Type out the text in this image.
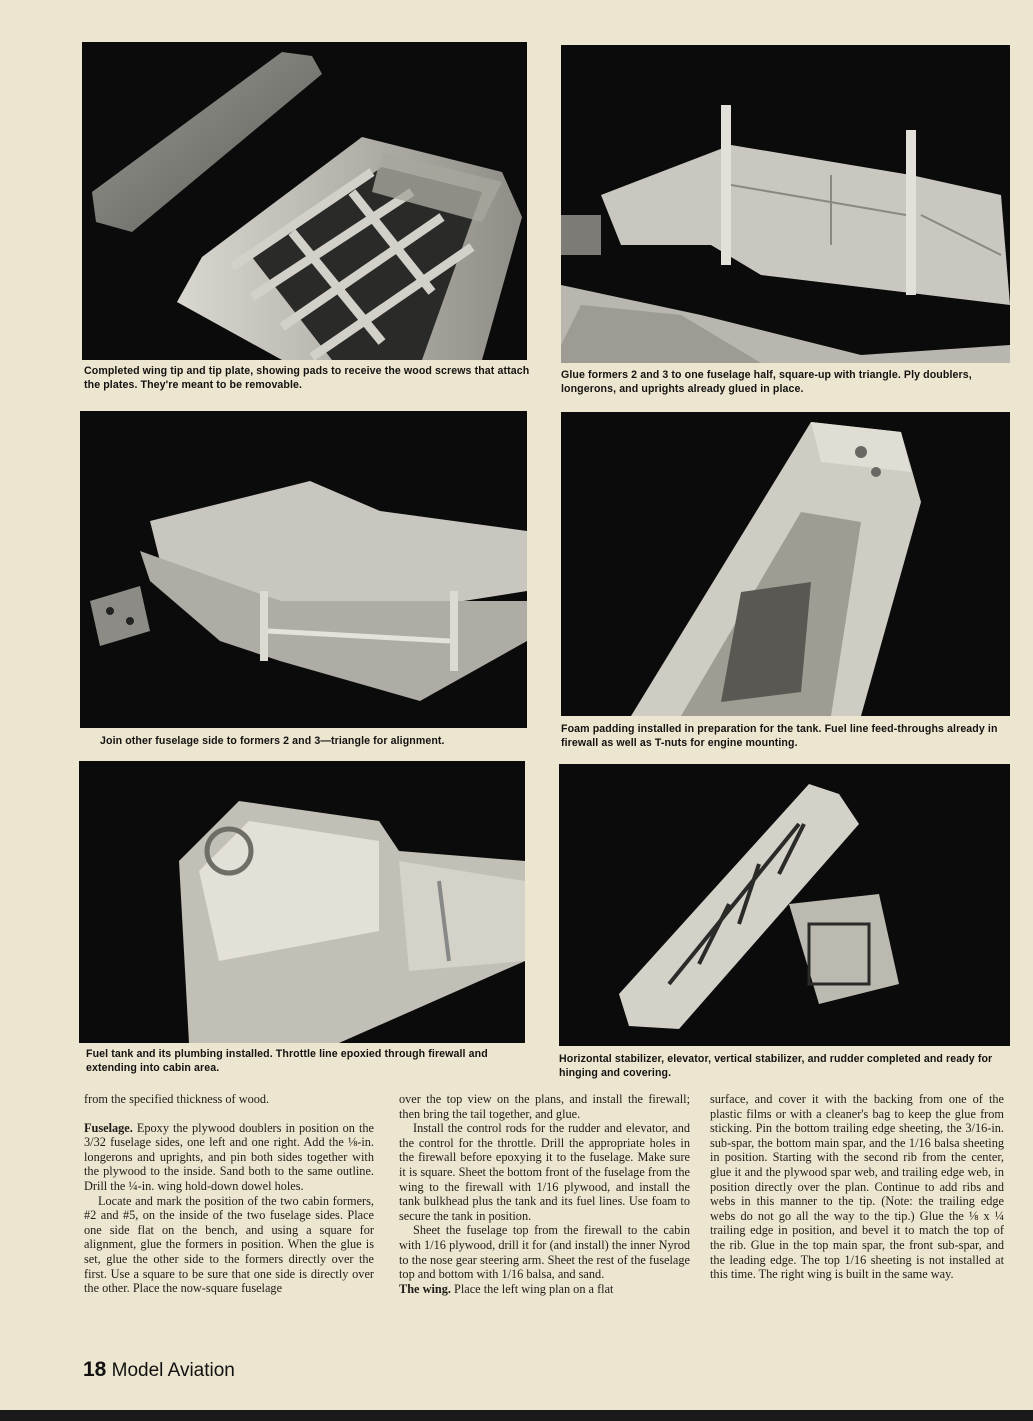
Completed wing tip and tip plate, showing pads to receive the wood screws that attach the plates. They're meant to be removable.
Glue formers 2 and 3 to one fuselage half, square-up with triangle. Ply doublers, longerons, and uprights already glued in place.
Join other fuselage side to formers 2 and 3—triangle for alignment.
Foam padding installed in preparation for the tank. Fuel line feed-throughs already in firewall as well as T-nuts for engine mounting.
Fuel tank and its plumbing installed. Throttle line epoxied through firewall and extending into cabin area.
Horizontal stabilizer, elevator, vertical stabilizer, and rudder completed and ready for hinging and covering.

from the specified thickness of wood.

Fuselage. Epoxy the plywood doublers in position on the 3/32 fuselage sides, one left and one right. Add the ⅛-in. longerons and uprights, and pin both sides together with the plywood to the inside. Sand both to the same outline. Drill the ¼-in. wing hold-down dowel holes.

Locate and mark the position of the two cabin formers, #2 and #5, on the inside of the two fuselage sides. Place one side flat on the bench, and using a square for alignment, glue the formers in position. When the glue is set, glue the other side to the formers directly over the first. Use a square to be sure that one side is directly over the other. Place the now-square fuselage

over the top view on the plans, and install the firewall; then bring the tail together, and glue.

Install the control rods for the rudder and elevator, and the control for the throttle. Drill the appropriate holes in the firewall before epoxying it to the fuselage. Make sure it is square. Sheet the bottom front of the fuselage from the wing to the firewall with 1/16 plywood, and install the tank bulkhead plus the tank and its fuel lines. Use foam to secure the tank in position.

Sheet the fuselage top from the firewall to the cabin with 1/16 plywood, drill it for (and install) the inner Nyrod to the nose gear steering arm. Sheet the rest of the fuselage top and bottom with 1/16 balsa, and sand.

The wing. Place the left wing plan on a flat

surface, and cover it with the backing from one of the plastic films or with a cleaner's bag to keep the glue from sticking. Pin the bottom trailing edge sheeting, the 3/16-in. sub-spar, the bottom main spar, and the 1/16 balsa sheeting in position. Starting with the second rib from the center, glue it and the plywood spar web, and trailing edge web, in position directly over the plan. Continue to add ribs and webs in this manner to the tip. (Note: the trailing edge webs do not go all the way to the tip.) Glue the ⅛ x ¼ trailing edge in position, and bevel it to match the top of the rib. Glue in the top main spar, the front sub-spar, and the leading edge. The top 1/16 sheeting is not installed at this time. The right wing is built in the same way.

18 Model Aviation
